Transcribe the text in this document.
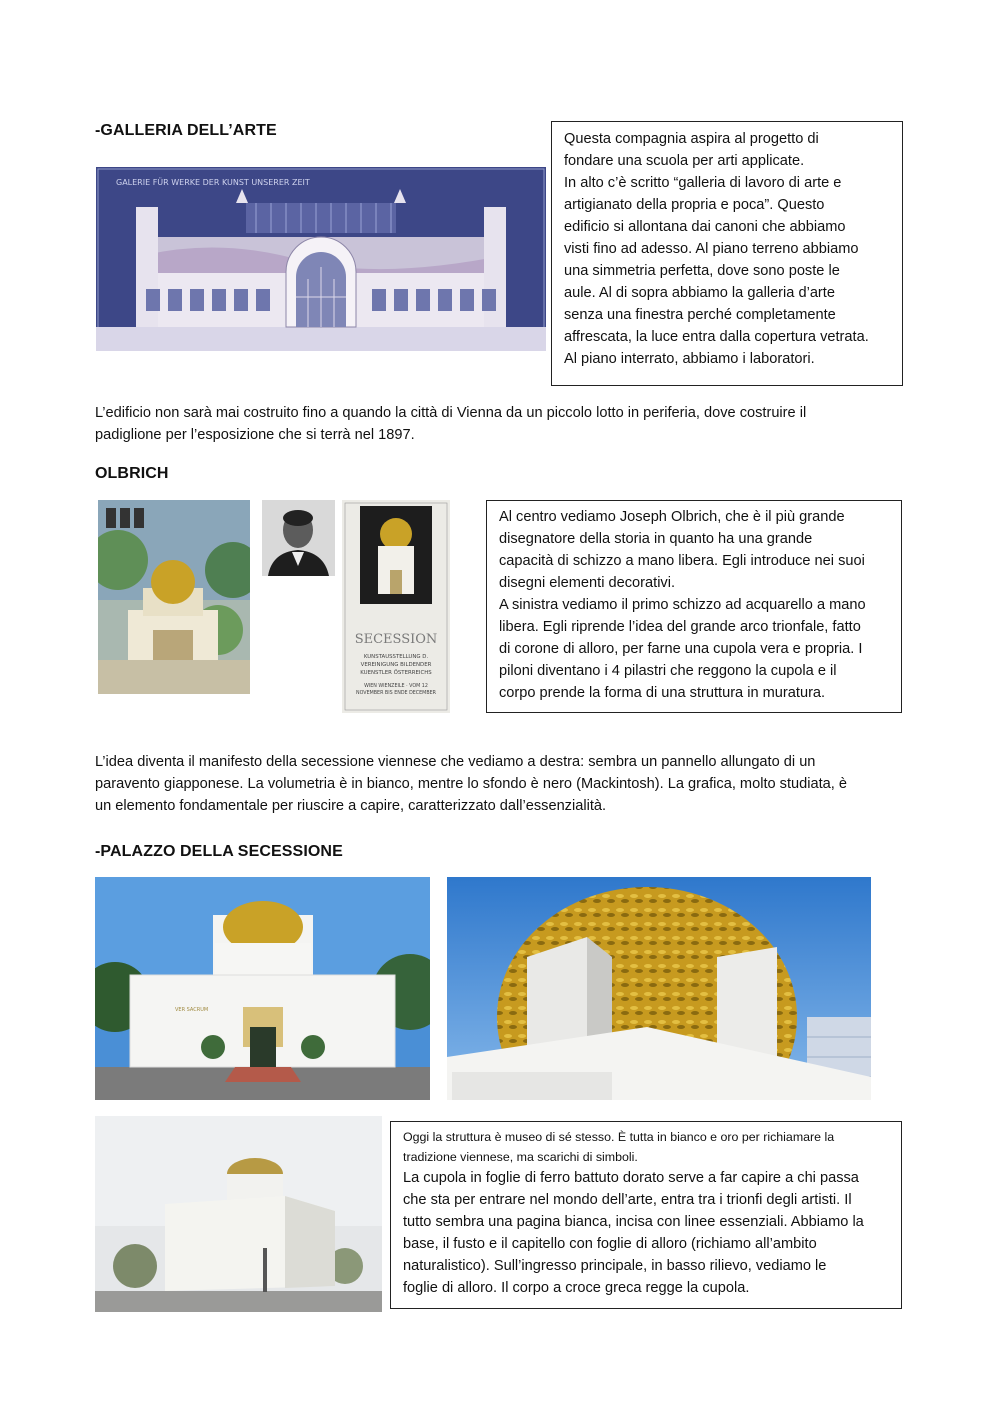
-GALLERIA DELL’ARTE
GALERIE FÜR WERKE DER KUNST UNSERER ZEIT

Questa compagnia aspira al progetto di
fondare una scuola per arti applicate.
In alto c’è scritto “galleria di lavoro di arte e
artigianato della propria e poca”. Questo
edificio si allontana dai canoni che abbiamo
visti fino ad adesso. Al piano terreno abbiamo
una simmetria perfetta, dove sono poste le
aule. Al di sopra abbiamo la galleria d’arte
senza una finestra perché completamente
affrescata, la luce entra dalla copertura vetrata.
Al piano interrato, abbiamo i laboratori.

L’edificio non sarà mai costruito fino a quando la città di Vienna da un piccolo lotto in periferia, dove costruire il
padiglione per l’esposizione che si terrà nel 1897.
OLBRICH
SECESSION
KUNSTAUSSTELLUNG D.
VEREINIGUNG BILDENDER
KUENSTLER ÖSTERREICHS
WIEN WIENZEILE · VOM 12
NOVEMBER BIS ENDE DECEMBER

Al centro vediamo Joseph Olbrich, che è il più grande
disegnatore della storia in quanto ha una grande
capacità di schizzo a mano libera. Egli introduce nei suoi
disegni elementi decorativi.
A sinistra vediamo il primo schizzo ad acquarello a mano
libera. Egli riprende l’idea del grande arco trionfale, fatto
di corone di alloro, per farne una cupola vera e propria. I
piloni diventano i 4 pilastri che reggono la cupola e il
corpo prende la forma di una struttura in muratura.

L’idea diventa il manifesto della secessione viennese che vediamo a destra: sembra un pannello allungato di un
paravento giapponese. La volumetria è in bianco, mentre lo sfondo è nero (Mackintosh). La grafica, molto studiata, è
un elemento fondamentale per riuscire a capire, caratterizzato dall’essenzialità.
-PALAZZO DELLA SECESSIONE
VER SACRUM

Oggi la struttura è museo di sé stesso. È tutta in bianco e oro per richiamare la
tradizione viennese, ma scarichi di simboli.

La cupola in foglie di ferro battuto dorato serve a far capire a chi passa
che sta per entrare nel mondo dell’arte, entra tra i trionfi degli artisti. Il
tutto sembra una pagina bianca, incisa con linee essenziali. Abbiamo la
base, il fusto e il capitello con foglie di alloro (richiamo all’ambito
naturalistico). Sull’ingresso principale, in basso rilievo, vediamo le
foglie di alloro. Il corpo a croce greca regge la cupola.
